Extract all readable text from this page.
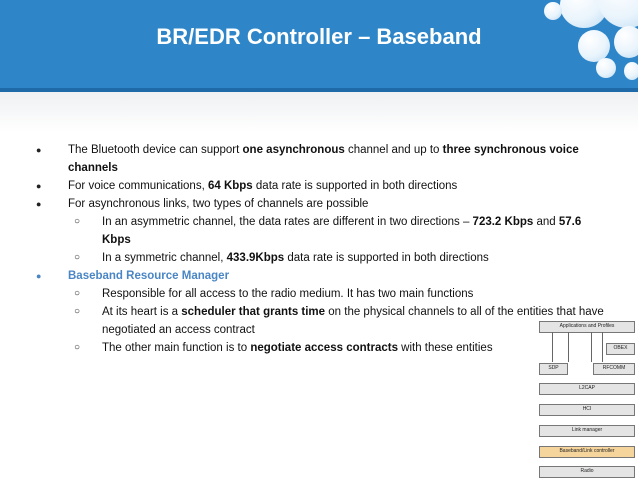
BR/EDR Controller – Baseband
● The Bluetooth device can support one asynchronous channel and up to three synchronous voice channels
● For voice communications, 64 Kbps data rate is supported in both directions
● For asynchronous links, two types of channels are possible
○ In an asymmetric channel, the data rates are different in two directions – 723.2 Kbps and 57.6 Kbps
○ In a symmetric channel, 433.9Kbps data rate is supported in both directions
● Baseband Resource Manager
○ Responsible for all access to the radio medium. It has two main functions
○ At its heart is a scheduler that grants time on the physical channels to all of the entities that have negotiated an access contract
○ The other main function is to negotiate access contracts with these entities
Applications and Profiles
OBEX
SDP	RFCOMM
L2CAP
HCI
Link manager
Baseband/Link controller
Radio
